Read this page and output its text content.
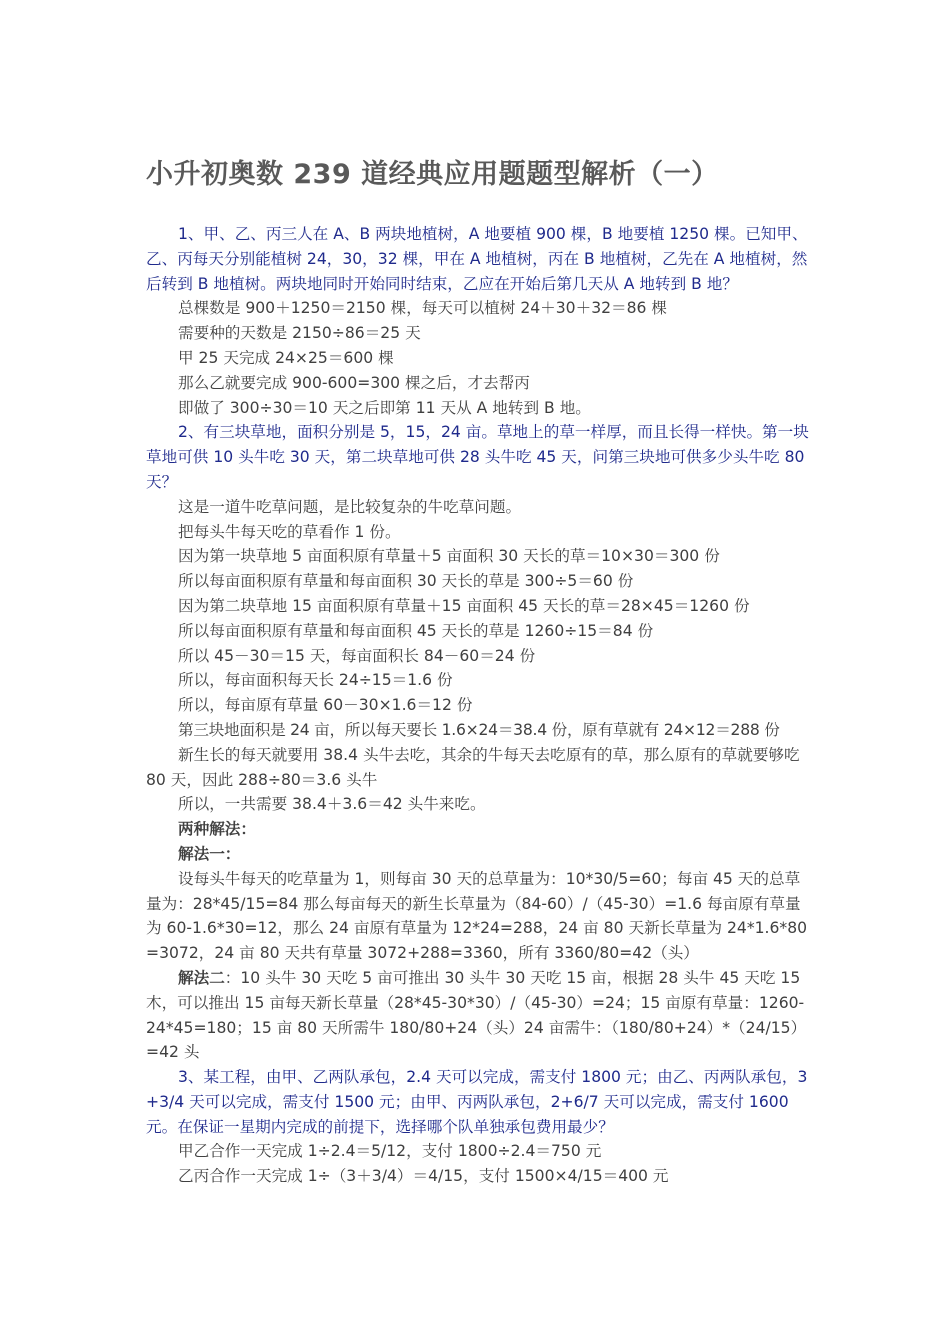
小升初奥数 239 道经典应用题题型解析（一）

1、甲、乙、丙三人在 A、B 两块地植树，A 地要植 900 棵，B 地要植 1250 棵。已知甲、乙、丙每天分别能植树 24，30，32 棵，甲在 A 地植树，丙在 B 地植树，乙先在 A 地植树，然后转到 B 地植树。两块地同时开始同时结束，乙应在开始后第几天从 A 地转到 B 地？

总棵数是 900＋1250＝2150 棵，每天可以植树 24＋30＋32＝86 棵

需要种的天数是 2150÷86＝25 天

甲 25 天完成 24×25＝600 棵

那么乙就要完成 900-600=300 棵之后，才去帮丙

即做了 300÷30＝10 天之后即第 11 天从 A 地转到 B 地。

2、有三块草地，面积分别是 5，15，24 亩。草地上的草一样厚，而且长得一样快。第一块草地可供 10 头牛吃 30 天，第二块草地可供 28 头牛吃 45 天，问第三块地可供多少头牛吃 80 天？

这是一道牛吃草问题，是比较复杂的牛吃草问题。

把每头牛每天吃的草看作 1 份。

因为第一块草地 5 亩面积原有草量＋5 亩面积 30 天长的草＝10×30＝300 份

所以每亩面积原有草量和每亩面积 30 天长的草是 300÷5＝60 份

因为第二块草地 15 亩面积原有草量＋15 亩面积 45 天长的草＝28×45＝1260 份

所以每亩面积原有草量和每亩面积 45 天长的草是 1260÷15＝84 份

所以 45－30＝15 天，每亩面积长 84－60＝24 份

所以，每亩面积每天长 24÷15＝1.6 份

所以，每亩原有草量 60－30×1.6＝12 份

第三块地面积是 24 亩，所以每天要长 1.6×24＝38.4 份，原有草就有 24×12＝288 份

新生长的每天就要用 38.4 头牛去吃，其余的牛每天去吃原有的草，那么原有的草就要够吃 80 天，因此 288÷80＝3.6 头牛

所以，一共需要 38.4＋3.6＝42 头牛来吃。

两种解法：

解法一：

设每头牛每天的吃草量为 1，则每亩 30 天的总草量为：10*30/5=60；每亩 45 天的总草量为：28*45/15=84 那么每亩每天的新生长草量为（84-60）/（45-30）=1.6 每亩原有草量为 60-1.6*30=12，那么 24 亩原有草量为 12*24=288，24 亩 80 天新长草量为 24*1.6*80=3072，24 亩 80 天共有草量 3072+288=3360，所有 3360/80=42（头）

解法二：10 头牛 30 天吃 5 亩可推出 30 头牛 30 天吃 15 亩，根据 28 头牛 45 天吃 15 木，可以推出 15 亩每天新长草量（28*45-30*30）/（45-30）=24；15 亩原有草量：1260-24*45=180；15 亩 80 天所需牛 180/80+24（头）24 亩需牛：（180/80+24）*（24/15）=42 头

3、某工程，由甲、乙两队承包，2.4 天可以完成，需支付 1800 元；由乙、丙两队承包，3+3/4 天可以完成，需支付 1500 元；由甲、丙两队承包，2+6/7 天可以完成，需支付 1600 元。在保证一星期内完成的前提下，选择哪个队单独承包费用最少？

甲乙合作一天完成 1÷2.4＝5/12，支付 1800÷2.4＝750 元

乙丙合作一天完成 1÷（3＋3/4）＝4/15，支付 1500×4/15＝400 元
